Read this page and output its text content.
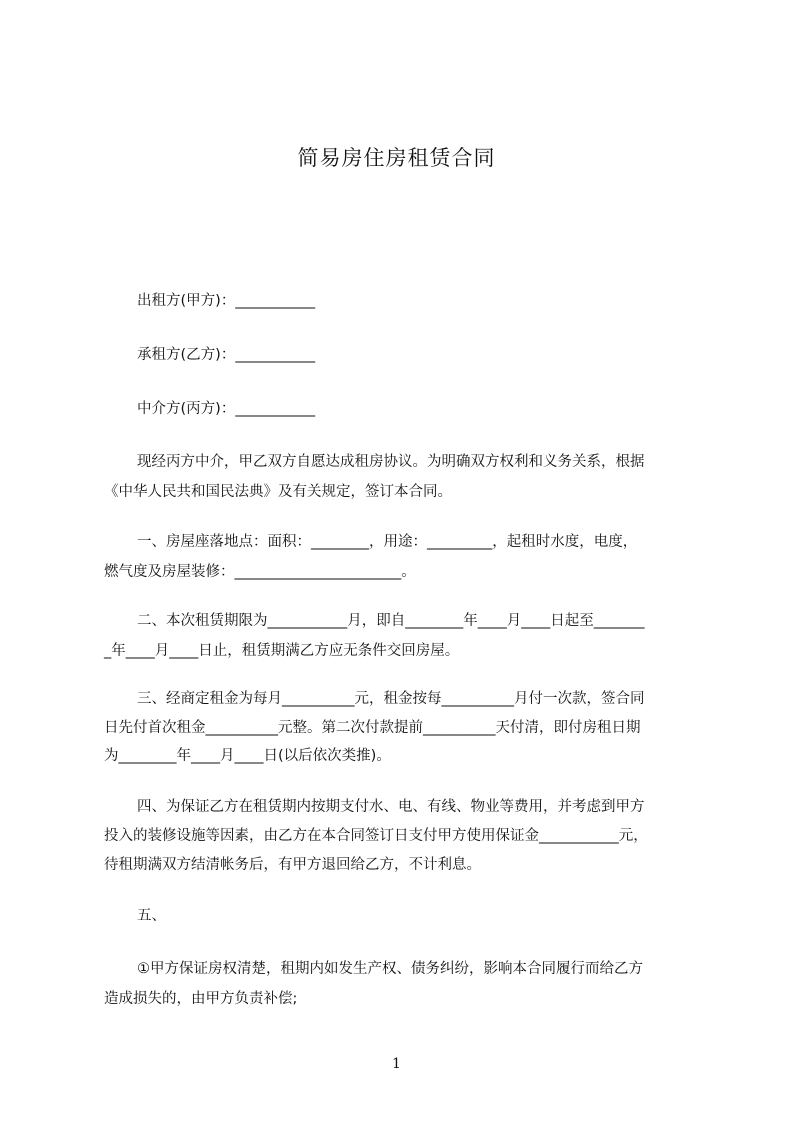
简易房住房租赁合同
出租方(甲方)：___________
承租方(乙方)：___________
中介方(丙方)：___________
现经丙方中介，甲乙双方自愿达成租房协议。为明确双方权利和义务关系，根据
《中华人民共和国民法典》及有关规定，签订本合同。
一、房屋座落地点：面积：________，用途：_________，起租时水度，电度，
燃气度及房屋装修：_______________________。
二、本次租赁期限为___________月，即自________年____月____日起至_______
_年____月____日止，租赁期满乙方应无条件交回房屋。
三、经商定租金为每月__________元，租金按每__________月付一次款，签合同
日先付首次租金__________元整。第二次付款提前__________天付清，即付房租日期
为________年____月____日(以后依次类推)。
四、为保证乙方在租赁期内按期支付水、电、有线、物业等费用，并考虑到甲方
投入的装修设施等因素，由乙方在本合同签订日支付甲方使用保证金___________元，
待租期满双方结清帐务后，有甲方退回给乙方，不计利息。
五、
①甲方保证房权清楚，租期内如发生产权、债务纠纷，影响本合同履行而给乙方
造成损失的，由甲方负责补偿;
1
